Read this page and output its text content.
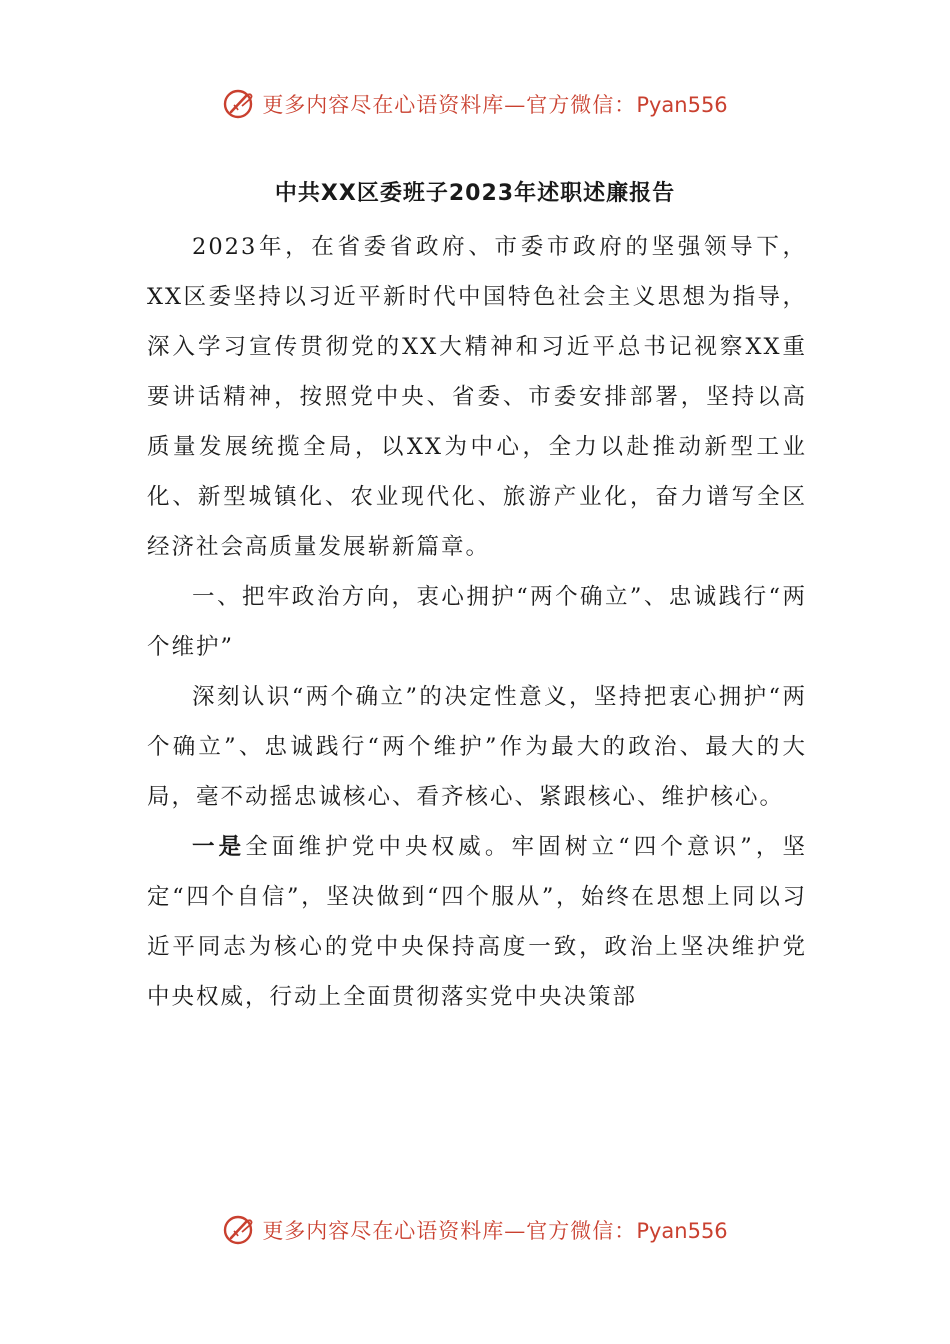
更多内容尽在心语资料库—官方微信：Pyan556
中共XX区委班子2023年述职述廉报告

2023年，在省委省政府、市委市政府的坚强领导下，XX区委坚持以习近平新时代中国特色社会主义思想为指导，深入学习宣传贯彻党的XX大精神和习近平总书记视察XX重要讲话精神，按照党中央、省委、市委安排部署，坚持以高质量发展统揽全局，以XX为中心，全力以赴推动新型工业化、新型城镇化、农业现代化、旅游产业化，奋力谱写全区经济社会高质量发展崭新篇章。

一、把牢政治方向，衷心拥护“两个确立”、忠诚践行“两个维护”

深刻认识“两个确立”的决定性意义，坚持把衷心拥护“两个确立”、忠诚践行“两个维护”作为最大的政治、最大的大局，毫不动摇忠诚核心、看齐核心、紧跟核心、维护核心。

一是全面维护党中央权威。牢固树立“四个意识”，坚定“四个自信”，坚决做到“四个服从”，始终在思想上同以习近平同志为核心的党中央保持高度一致，政治上坚决维护党中央权威，行动上全面贯彻落实党中央决策部

更多内容尽在心语资料库—官方微信：Pyan556
